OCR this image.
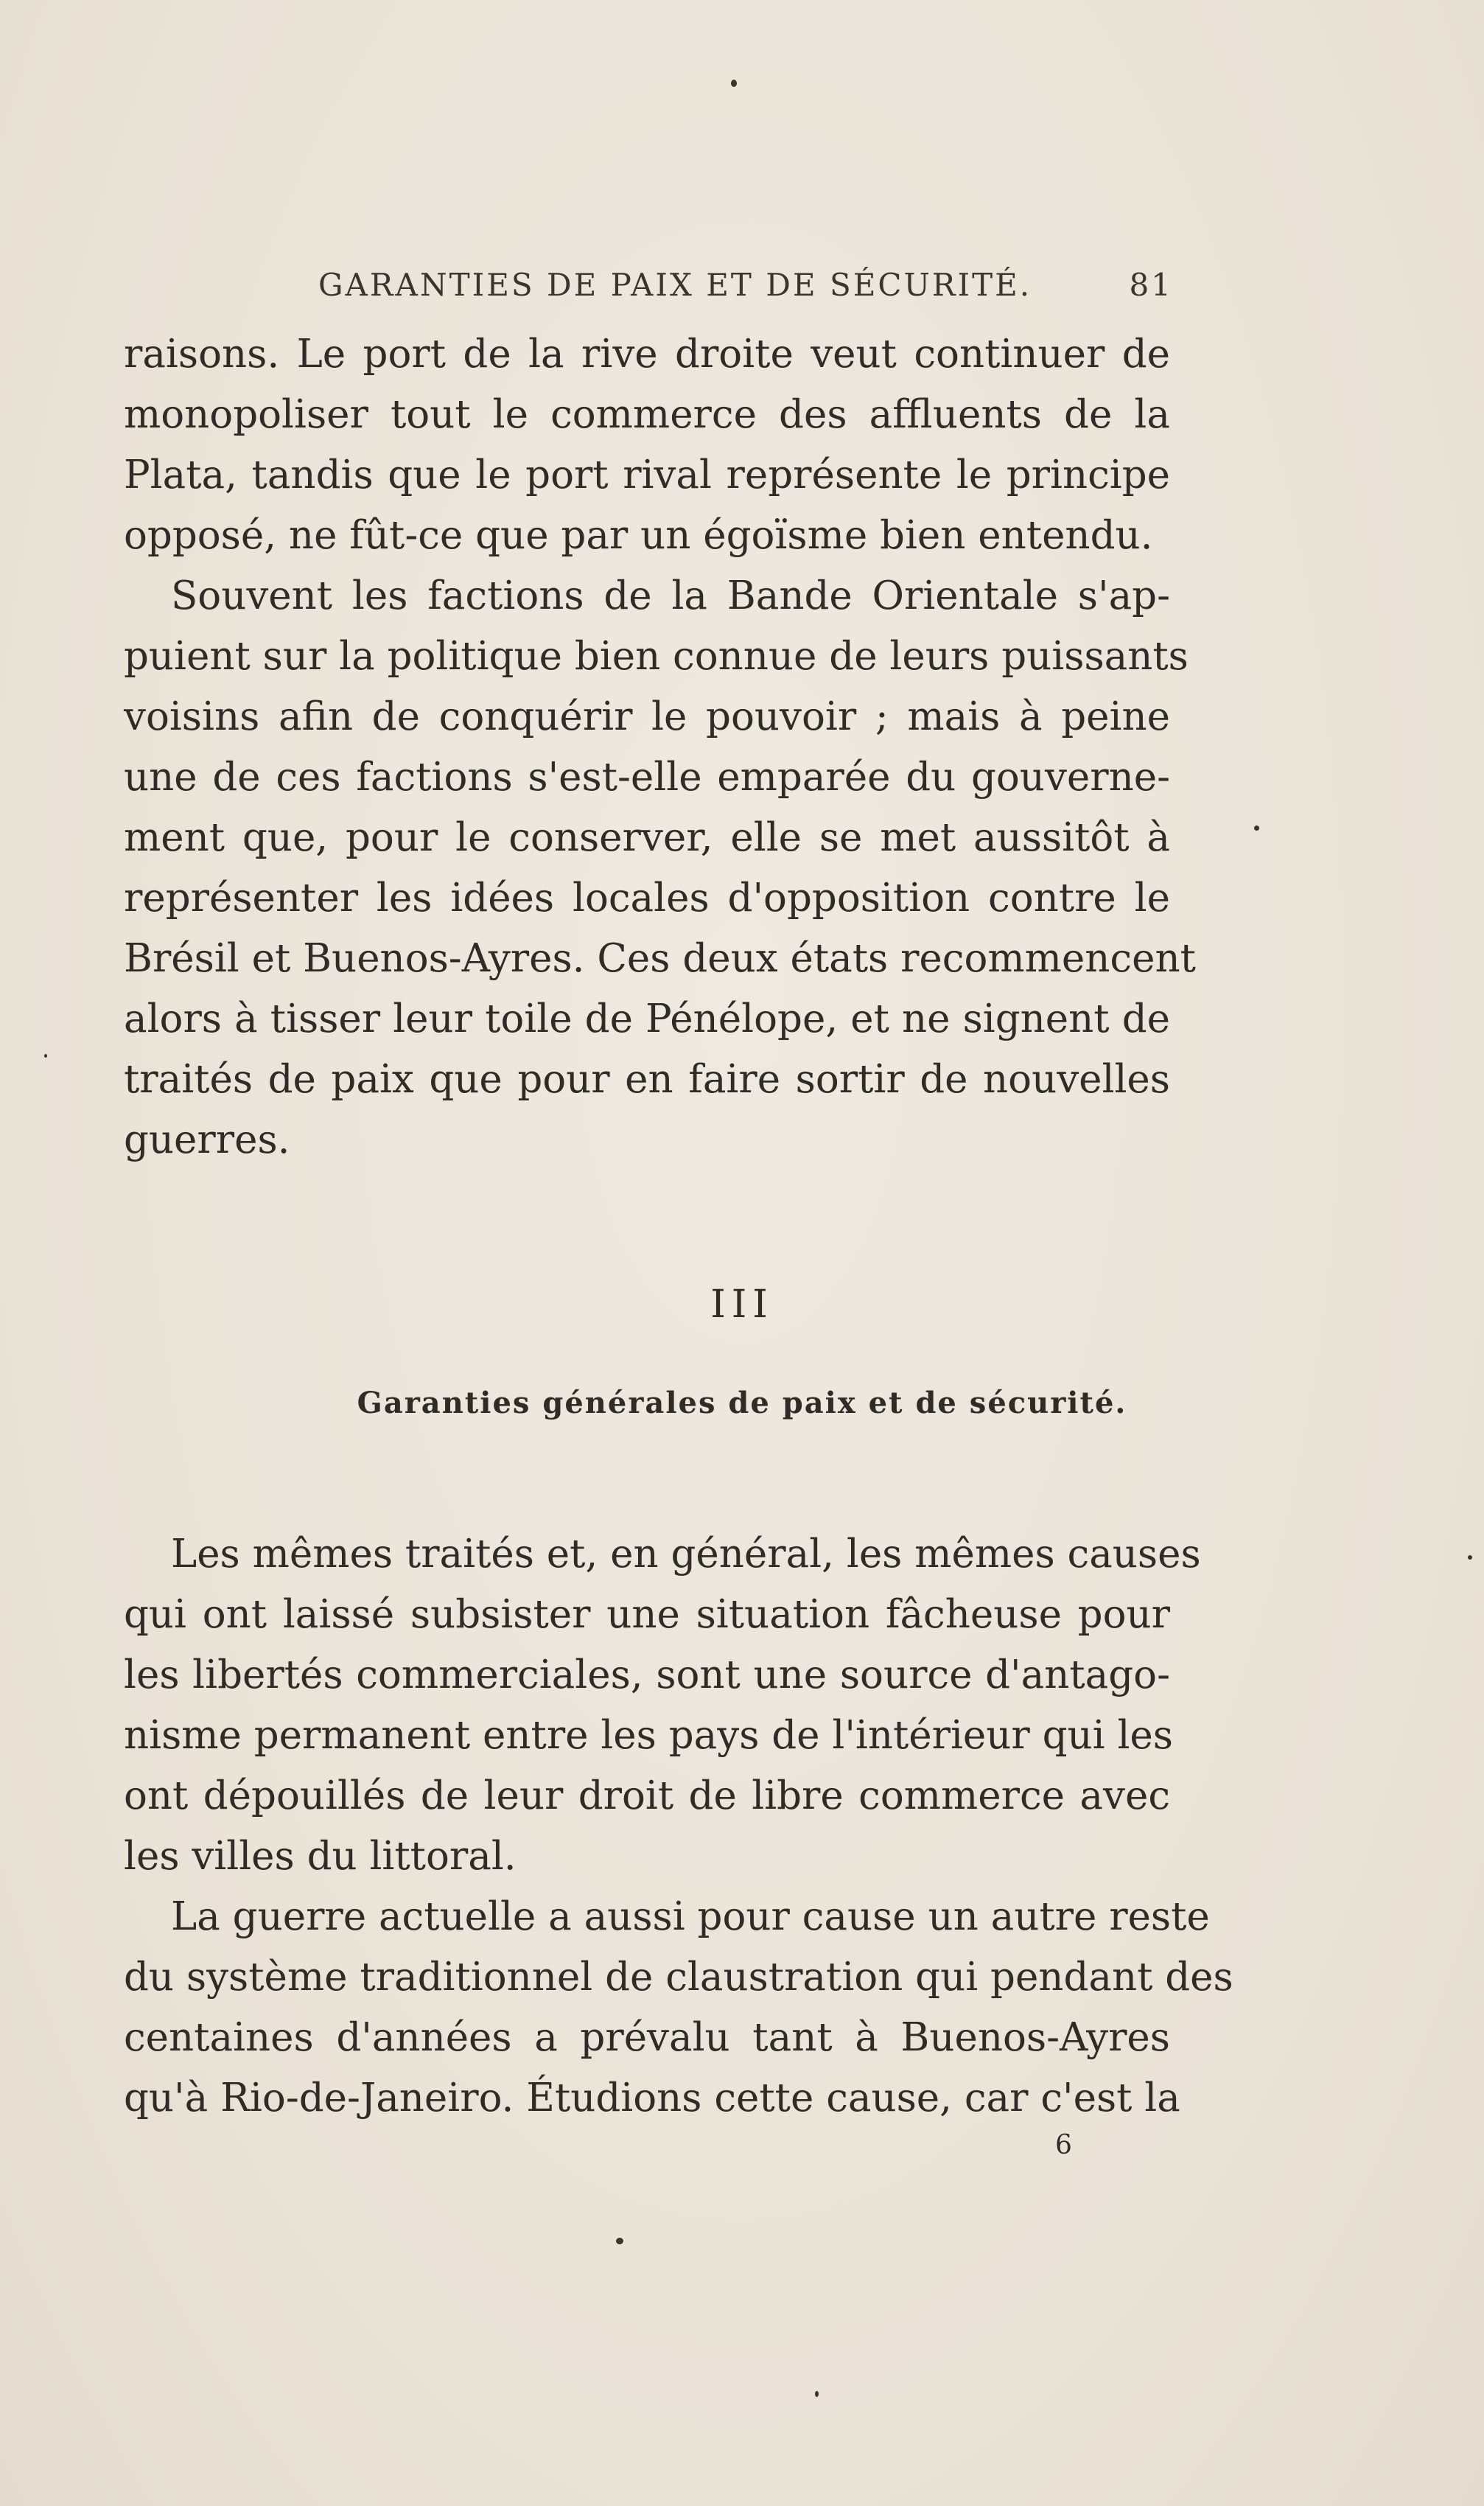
GARANTIES DE PAIX ET DE SÉCURITÉ.	81
raisons. Le port de la rive droite veut continuer de
monopoliser tout le commerce des affluents de la
Plata, tandis que le port rival représente le principe
opposé, ne fût-ce que par un égoïsme bien entendu.
Souvent les factions de la Bande Orientale s'ap-
puient sur la politique bien connue de leurs puissants
voisins afin de conquérir le pouvoir ; mais à peine
une de ces factions s'est-elle emparée du gouverne-
ment que, pour le conserver, elle se met aussitôt à
représenter les idées locales d'opposition contre le
Brésil et Buenos-Ayres. Ces deux états recommencent
alors à tisser leur toile de Pénélope, et ne signent de
traités de paix que pour en faire sortir de nouvelles
guerres.
III
Garanties générales de paix et de sécurité.
Les mêmes traités et, en général, les mêmes causes
qui ont laissé subsister une situation fâcheuse pour
les libertés commerciales, sont une source d'antago-
nisme permanent entre les pays de l'intérieur qui les
ont dépouillés de leur droit de libre commerce avec
les villes du littoral.
La guerre actuelle a aussi pour cause un autre reste
du système traditionnel de claustration qui pendant des
centaines d'années a prévalu tant à Buenos-Ayres
qu'à Rio-de-Janeiro. Étudions cette cause, car c'est la
6
